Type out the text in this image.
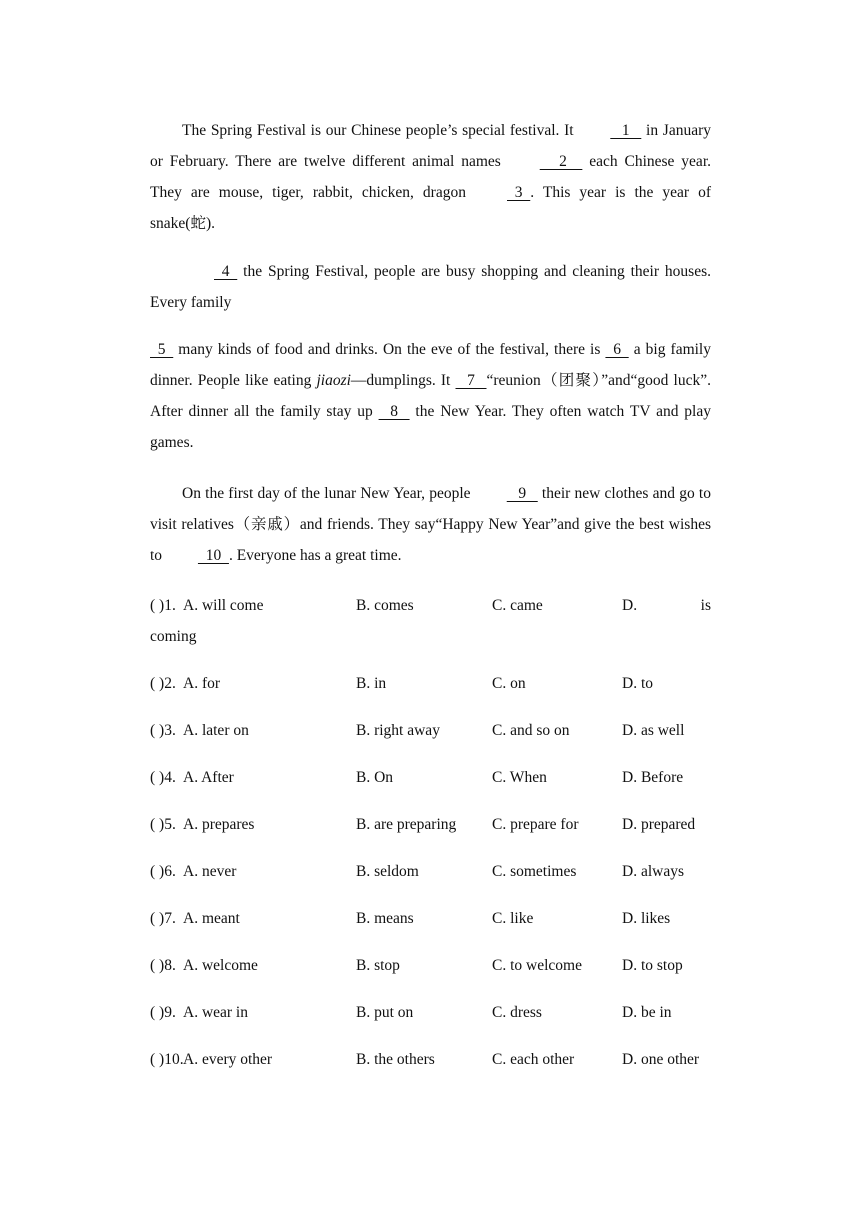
The Spring Festival is our Chinese people’s special festival. It    1    in January or February. There are twelve different animal names      2     each Chinese year. They are mouse, tiger, rabbit, chicken, dragon   3  . This year is the year of snake(蛇).

4   the Spring Festival, people are busy shopping and cleaning their houses. Every family

5   many kinds of food and drinks. On the eve of the festival, there is   6   a big family dinner. People like eating jiaozi—dumplings. It    7   “reunion（团聚）”and“good luck”. After dinner all the family stay up    8    the New Year. They often watch TV and play games.

On the first day of the lunar New Year, people    9    their new clothes and go to visit relatives（亲戚）and friends. They say“Happy New Year”and give the best wishes to   10  . Everyone has a great time.

( )1. A. will come	B. comes	C. came	D.	is
coming
( )2. A. for	B. in	C. on	D. to
( )3. A. later on	B. right away	C. and so on	D. as well
( )4. A. After	B. On	C. When	D. Before
( )5. A. prepares	B. are preparing C. prepare for	D. prepared
( )6. A. never	B. seldom	C. sometimes	D. always
( )7. A. meant	B. means	C. like	D. likes
( )8. A. welcome	B. stop	C. to welcome	D. to stop
( )9. A. wear in	B. put on	C. dress	D. be in
( )10. A. every other	B. the others	C. each other	D. one other
